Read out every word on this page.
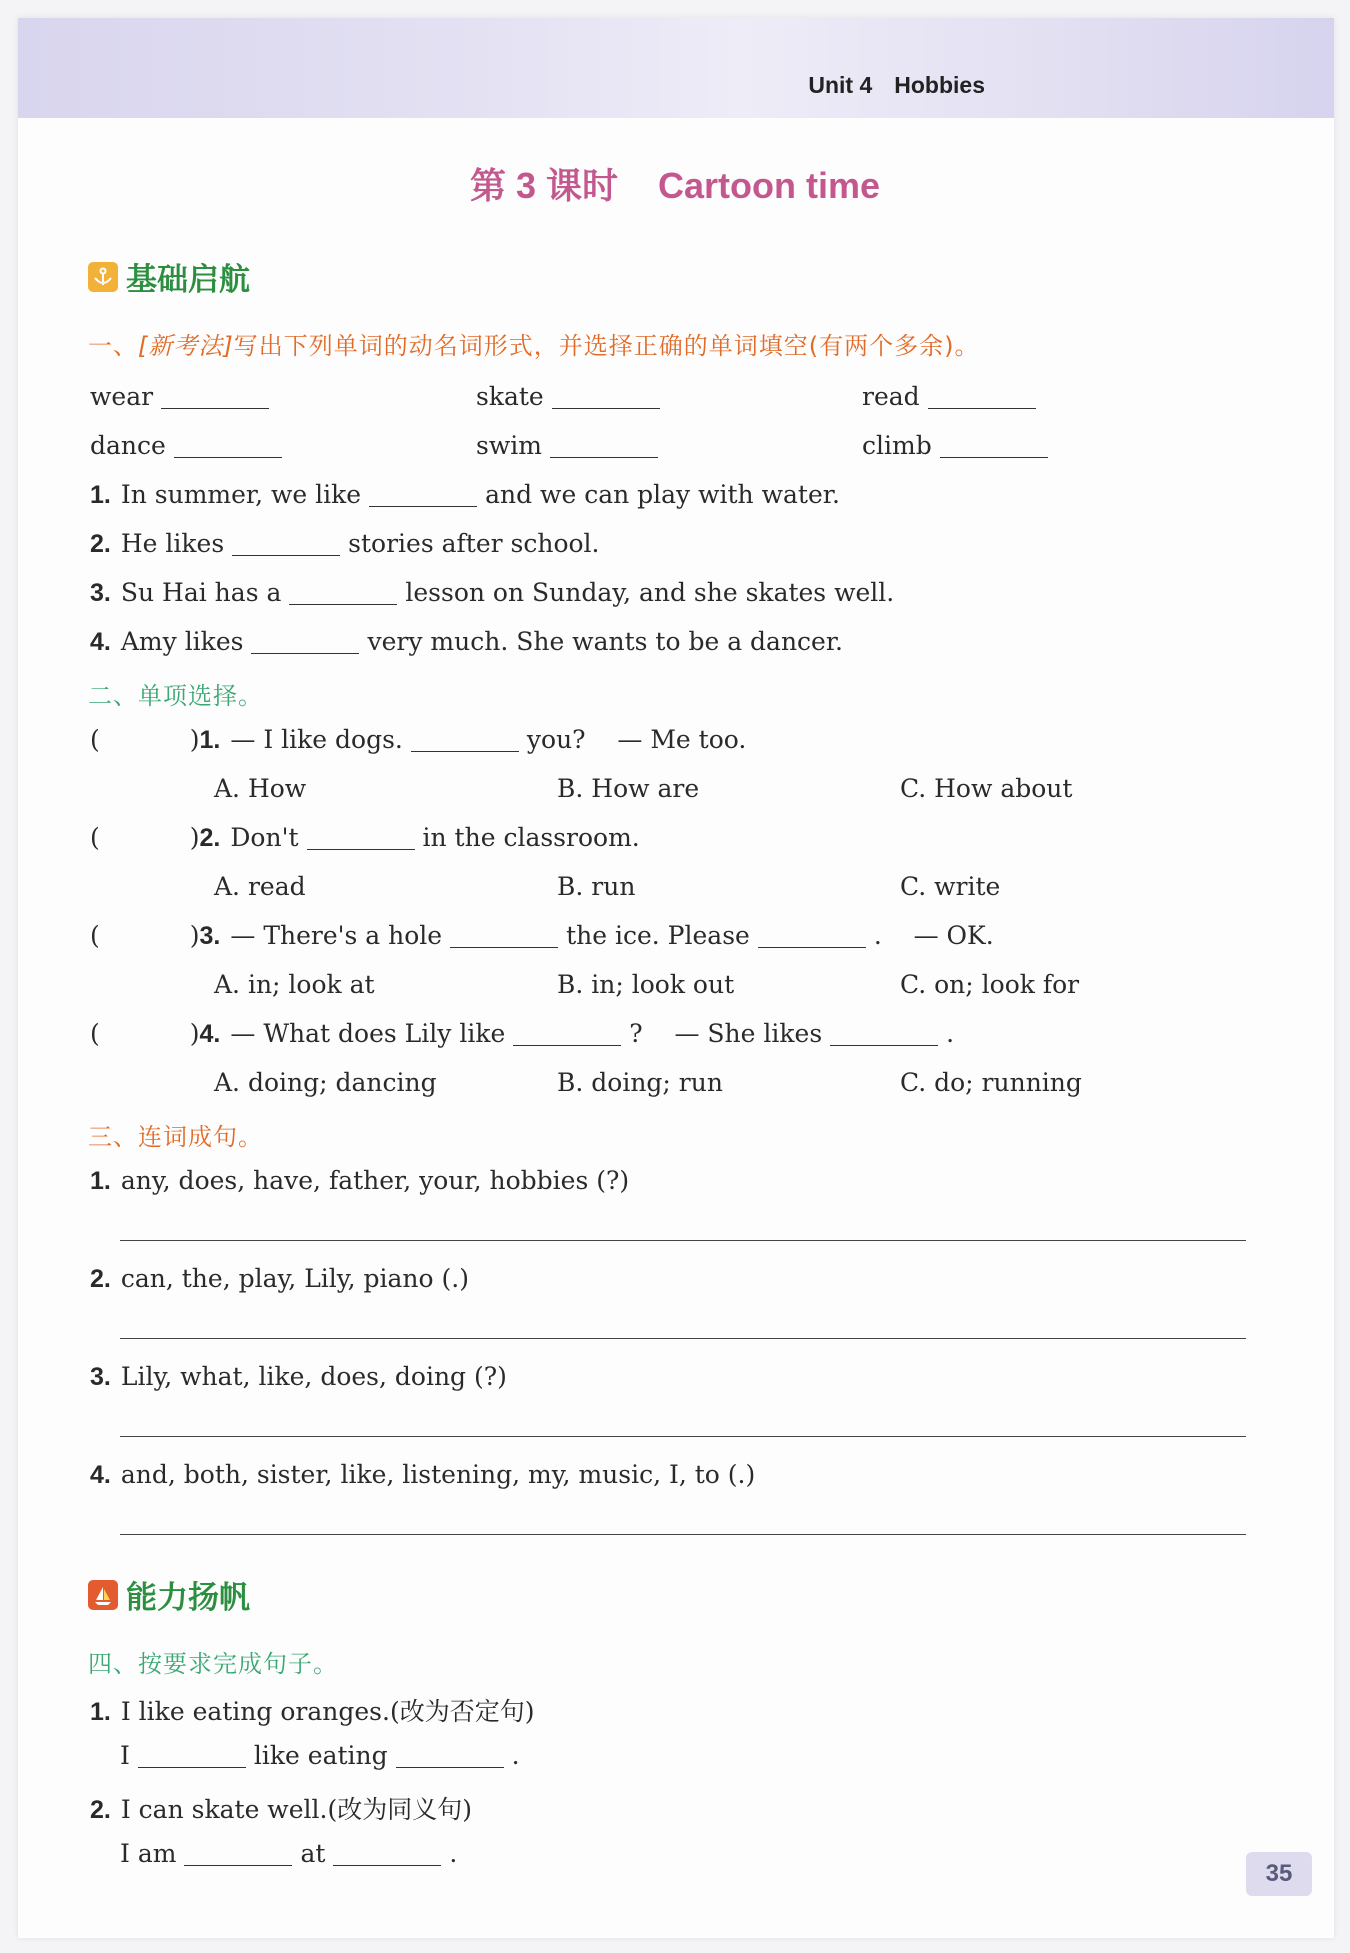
Unit 4 Hobbies
第 3 课时 Cartoon time
基础启航
一、[新考法]写出下列单词的动名词形式，并选择正确的单词填空(有两个多余)。
wear	skate	read
dance	swim	climb
1. In summer, we like	and we can play with water.
2. He likes	stories after school.
3. Su Hai has a	lesson on Sunday, and she skates well.
4. Amy likes	very much. She wants to be a dancer.
二、单项选择。
(	)1. — I like dogs.	you? — Me too.
A. How	B. How are	C. How about
(	)2. Don't	in the classroom.
A. read	B. run	C. write
(	)3. — There's a hole	the ice. Please	. — OK.
A. in; look at	B. in; look out	C. on; look for
(	)4. — What does Lily like	? — She likes	.
A. doing; dancing	B. doing; run	C. do; running
三、连词成句。
1. any, does, have, father, your, hobbies (?)
2. can, the, play, Lily, piano (.)
3. Lily, what, like, does, doing (?)
4. and, both, sister, like, listening, my, music, I, to (.)
能力扬帆
四、按要求完成句子。
1. I like eating oranges.(改为否定句)
I	like eating	.
2. I can skate well.(改为同义句)
I am	at	.
35
